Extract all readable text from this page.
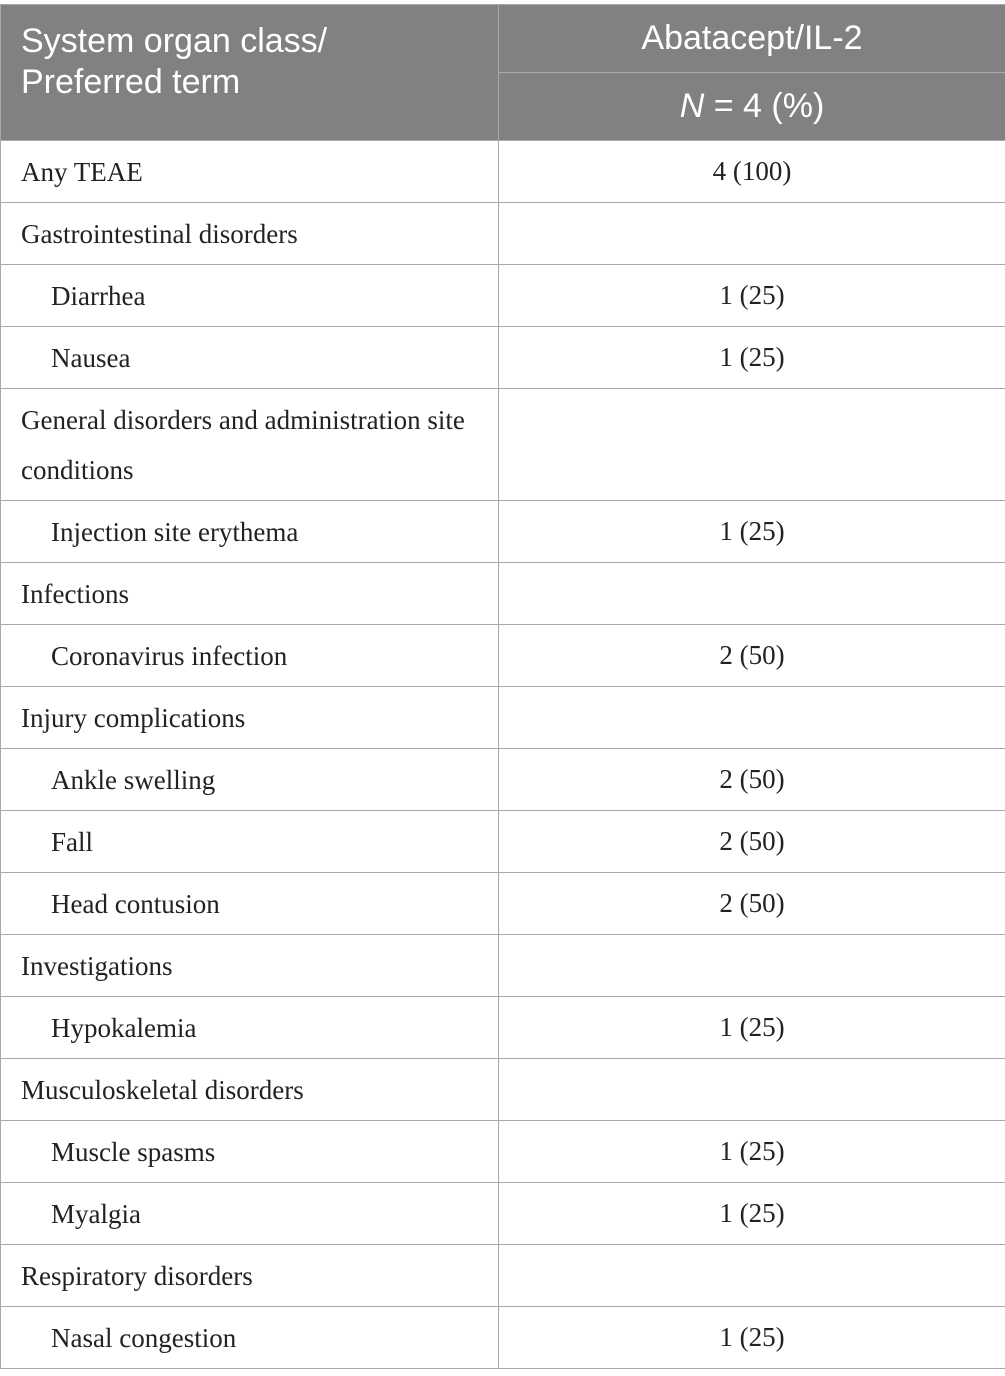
System organ class/
Preferred term	Abatacept/IL-2
	N = 4 (%)
Any TEAE	4 (100)
Gastrointestinal disorders	
Diarrhea	1 (25)
Nausea	1 (25)
General disorders and administration site conditions	
Injection site erythema	1 (25)
Infections	
Coronavirus infection	2 (50)
Injury complications	
Ankle swelling	2 (50)
Fall	2 (50)
Head contusion	2 (50)
Investigations	
Hypokalemia	1 (25)
Musculoskeletal disorders	
Muscle spasms	1 (25)
Myalgia	1 (25)
Respiratory disorders	
Nasal congestion	1 (25)
